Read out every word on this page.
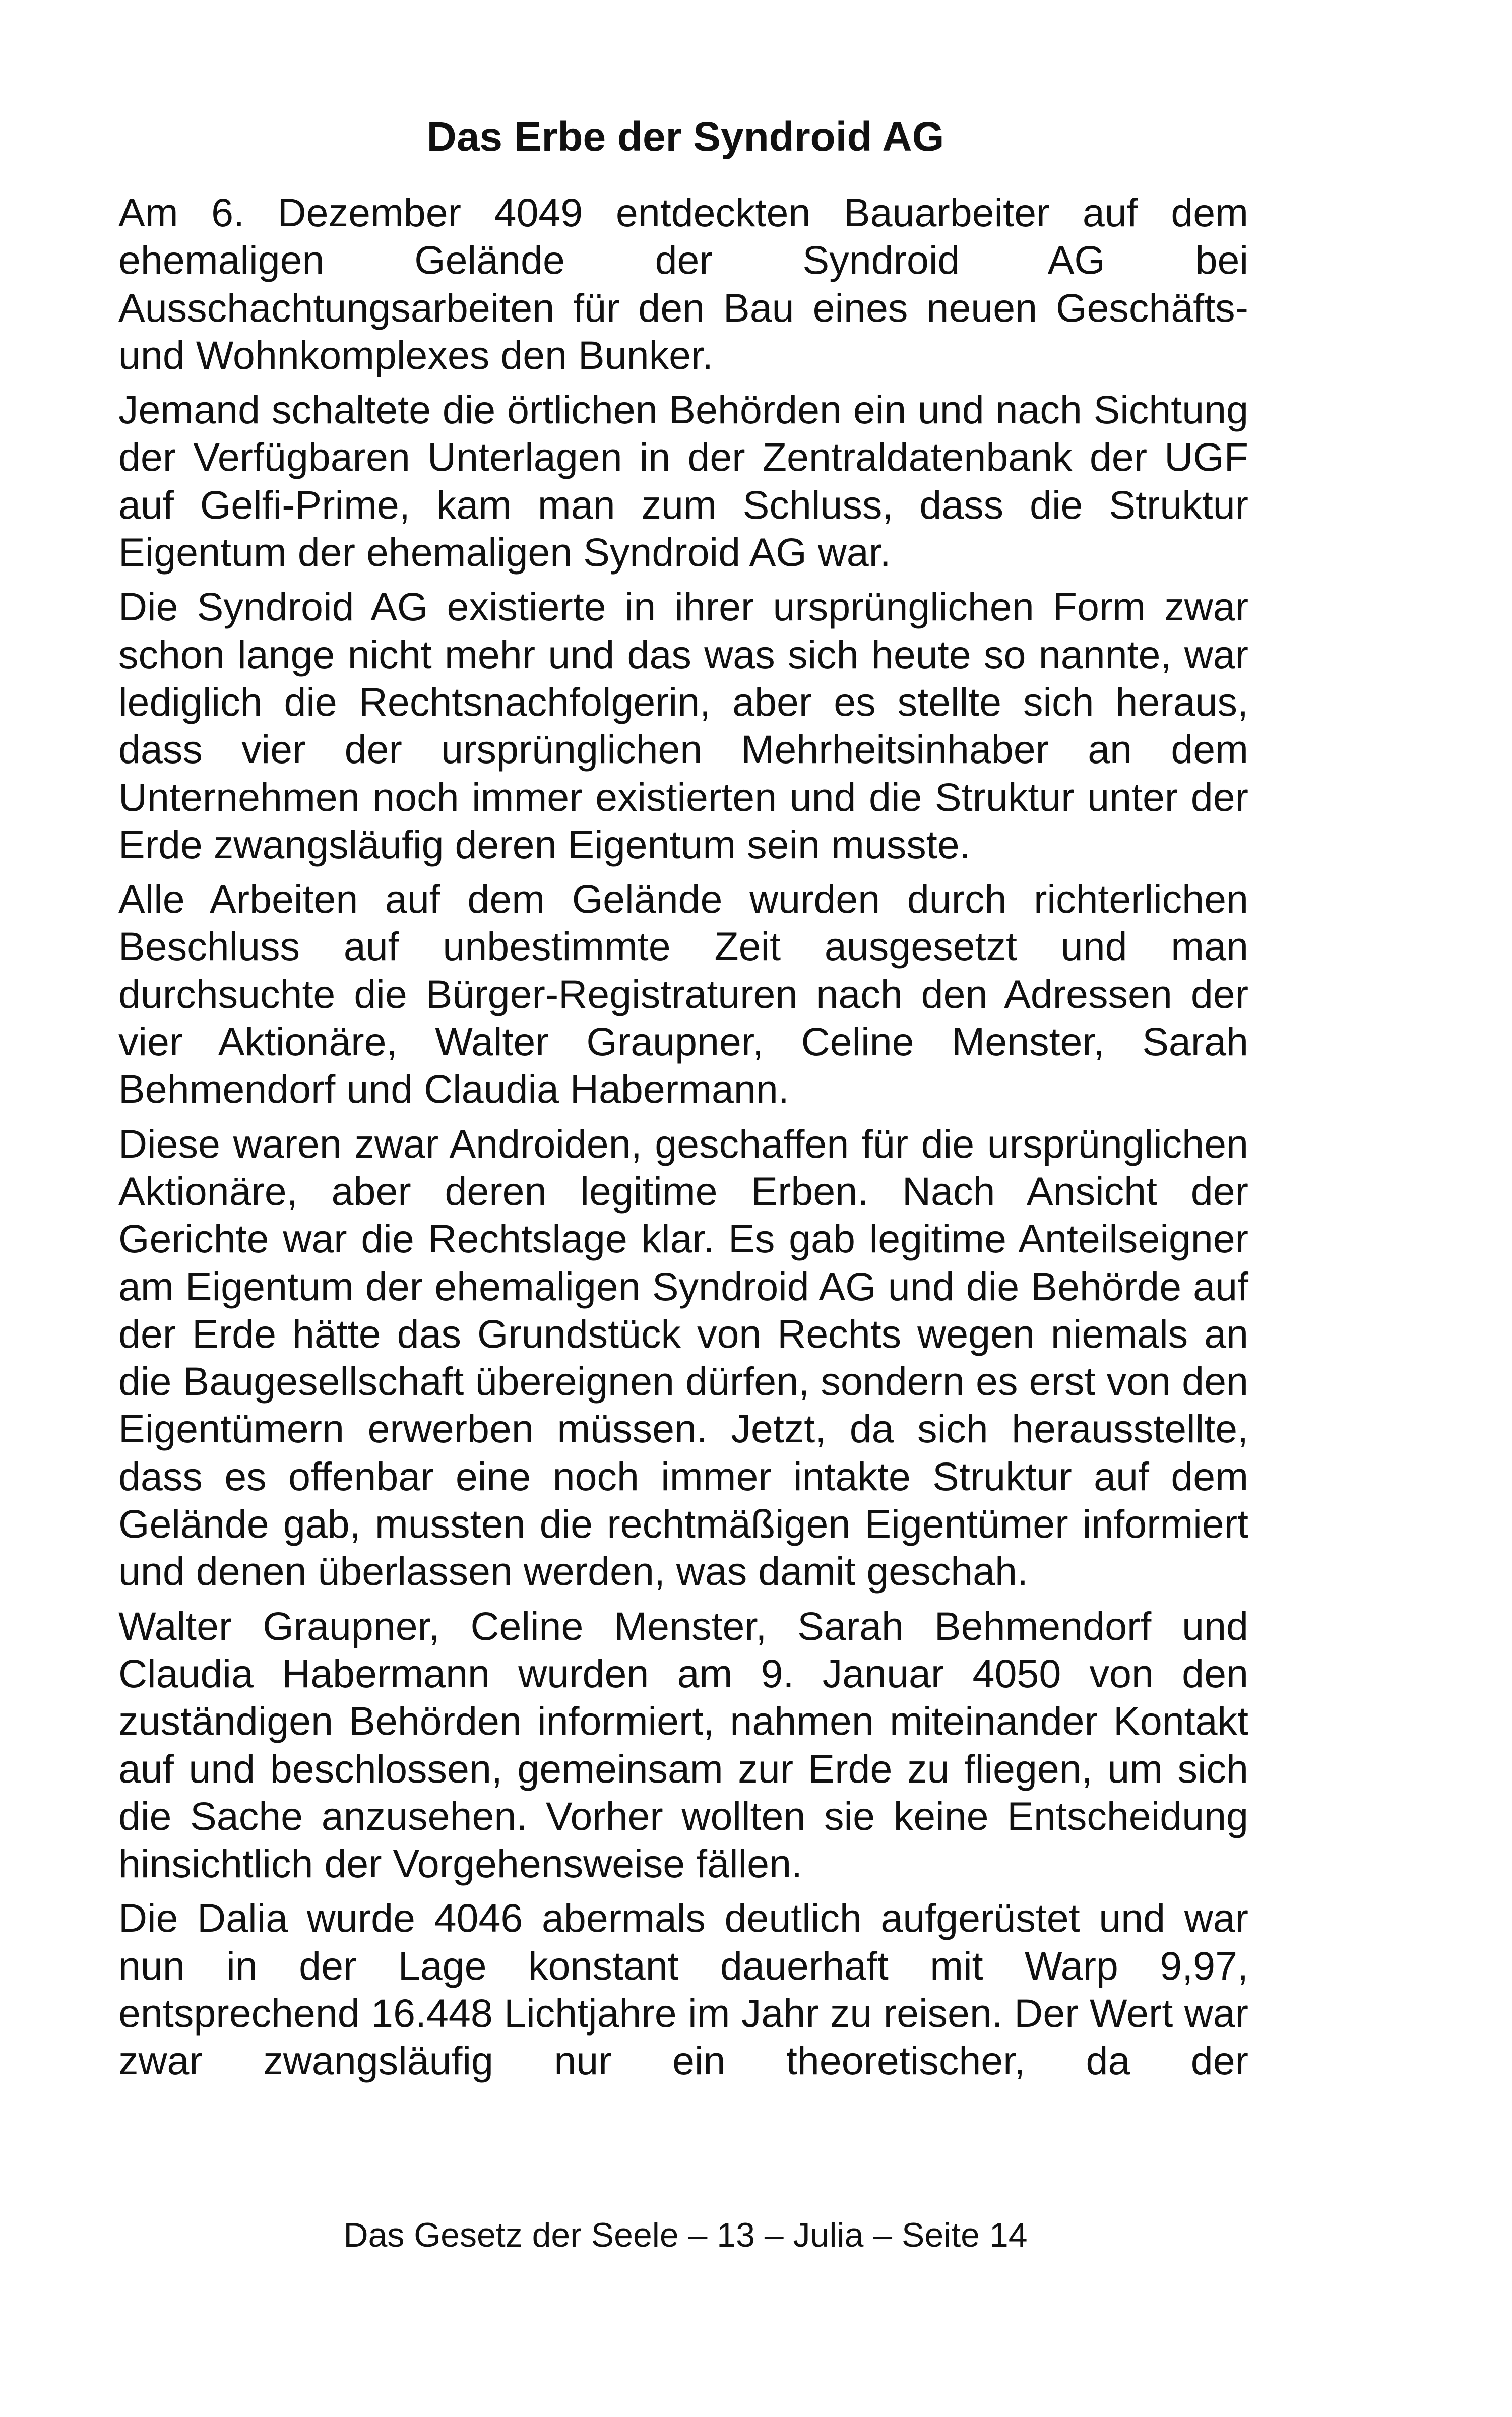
Das Erbe der Syndroid AG

Am 6. Dezember 4049 entdeckten Bauarbeiter auf dem ehemaligen Gelände der Syndroid AG bei Ausschachtungsarbeiten für den Bau eines neuen Geschäfts- und Wohnkomplexes den Bunker.

Jemand schaltete die örtlichen Behörden ein und nach Sichtung der Verfügbaren Unterlagen in der Zentraldatenbank der UGF auf Gelfi-Prime, kam man zum Schluss, dass die Struktur Eigentum der ehemaligen Syndroid AG war.

Die Syndroid AG existierte in ihrer ursprünglichen Form zwar schon lange nicht mehr und das was sich heute so nannte, war lediglich die Rechtsnachfolgerin, aber es stellte sich heraus, dass vier der ursprünglichen Mehrheitsinhaber an dem Unternehmen noch immer existierten und die Struktur unter der Erde zwangsläufig deren Eigentum sein musste.

Alle Arbeiten auf dem Gelände wurden durch richterlichen Beschluss auf unbestimmte Zeit ausgesetzt und man durchsuchte die Bürger-Registraturen nach den Adressen der vier Aktionäre, Walter Graupner, Celine Menster, Sarah Behmendorf und Claudia Habermann.

Diese waren zwar Androiden, geschaffen für die ursprünglichen Aktionäre, aber deren legitime Erben. Nach Ansicht der Gerichte war die Rechtslage klar. Es gab legitime Anteilseigner am Eigentum der ehemaligen Syndroid AG und die Behörde auf der Erde hätte das Grundstück von Rechts wegen niemals an die Baugesellschaft übereignen dürfen, sondern es erst von den Eigentümern erwerben müssen. Jetzt, da sich herausstellte, dass es offenbar eine noch immer intakte Struktur auf dem Gelände gab, mussten die rechtmäßigen Eigentümer informiert und denen überlassen werden, was damit geschah.

Walter Graupner, Celine Menster, Sarah Behmendorf und Claudia Habermann wurden am 9. Januar 4050 von den zuständigen Behörden informiert, nahmen miteinander Kontakt auf und beschlossen, gemeinsam zur Erde zu fliegen, um sich die Sache anzusehen. Vorher wollten sie keine Entscheidung hinsichtlich der Vorgehensweise fällen.

Die Dalia wurde 4046 abermals deutlich aufgerüstet und war nun in der Lage konstant dauerhaft mit Warp 9,97, entsprechend 16.448 Lichtjahre im Jahr zu reisen. Der Wert war zwar zwangsläufig nur ein theoretischer, da der

Das Gesetz der Seele – 13 – Julia – Seite 14
